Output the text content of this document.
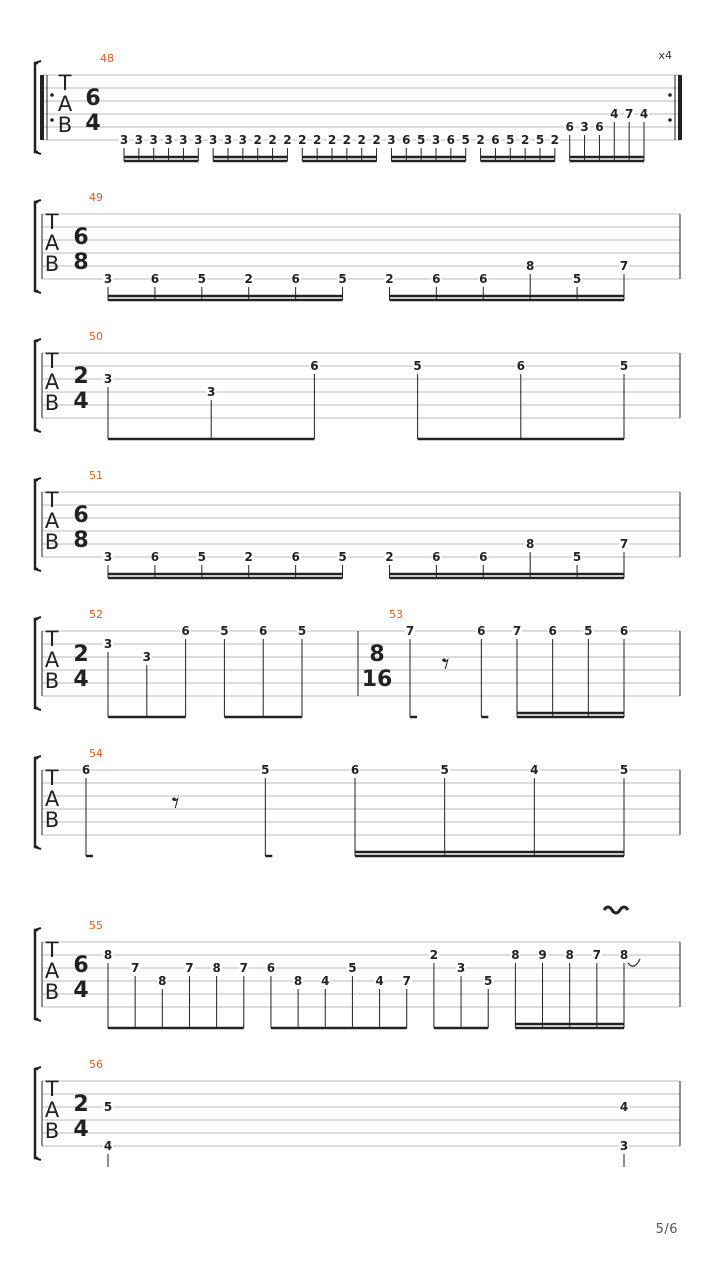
T
A
B
x4
48
6
4
3 3 3 3 3 3 3 3 3 2 2 2 2 2 2 2 2 2 3 6 5 3 6 5 2 6 5 2 5 2
6 3 6
4 7 4
T
A
B
49
6
8
3	6	5	2	6	5	2	6	6
8
5
7
T
A
B
50
2
4
3
3
6	5	6	5
T
A
B
51
6
8
3	6	5	2	6	5	2	6	6
8
5
7
T
A
B
52
2
4
3
3
6	5	6	5
53
8
16
7
𝄾
6 7 6 5 6
T
A
B
54
6
𝄾
5	6	5	4	5
T
A
B
55
6
4
8
7
8
7 8 7 6
8 4
5
4 7
2
3
5
8 9 8 7 8
T
A
B
56
2
4
5
4
4
3
5/6
